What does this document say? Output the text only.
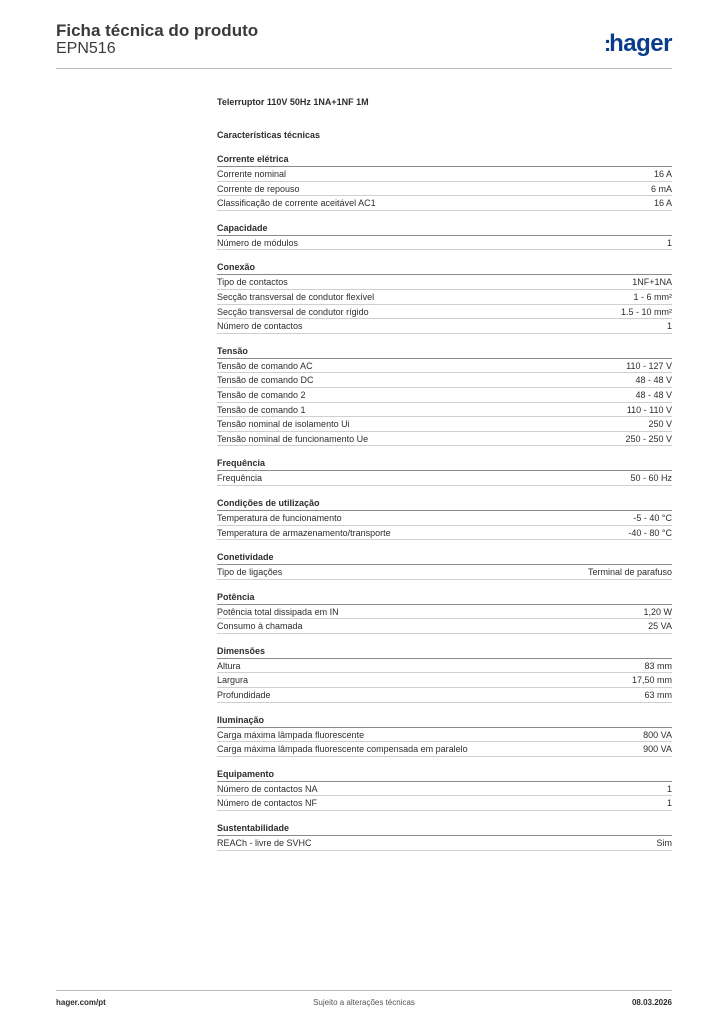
Ficha técnica do produto
EPN516	:hager
Telerruptor 110V 50Hz 1NA+1NF 1M
Características técnicas
Corrente elétrica
Corrente nominal	16 A
Corrente de repouso	6 mA
Classificação de corrente aceitável AC1	16 A
Capacidade
Número de módulos	1
Conexão
Tipo de contactos	1NF+1NA
Secção transversal de condutor flexível	1 - 6 mm²
Secção transversal de condutor rígido	1.5 - 10 mm²
Número de contactos	1
Tensão
Tensão de comando AC	110 - 127 V
Tensão de comando DC	48 - 48 V
Tensão de comando 2	48 - 48 V
Tensão de comando 1	110 - 110 V
Tensão nominal de isolamento Ui	250 V
Tensão nominal de funcionamento Ue	250 - 250 V
Frequência
Frequência	50 - 60 Hz
Condições de utilização
Temperatura de funcionamento	-5 - 40 °C
Temperatura de armazenamento/transporte	-40 - 80 °C
Conetividade
Tipo de ligações	Terminal de parafuso
Potência
Potência total dissipada em IN	1,20 W
Consumo à chamada	25 VA
Dimensões
Altura	83 mm
Largura	17,50 mm
Profundidade	63 mm
Iluminação
Carga máxima lâmpada fluorescente	800 VA
Carga máxima lâmpada fluorescente compensada em paralelo	900 VA
Equipamento
Número de contactos NA	1
Número de contactos NF	1
Sustentabilidade
REACh - livre de SVHC	Sim
hager.com/pt	Sujeito a alterações técnicas	08.03.2026
